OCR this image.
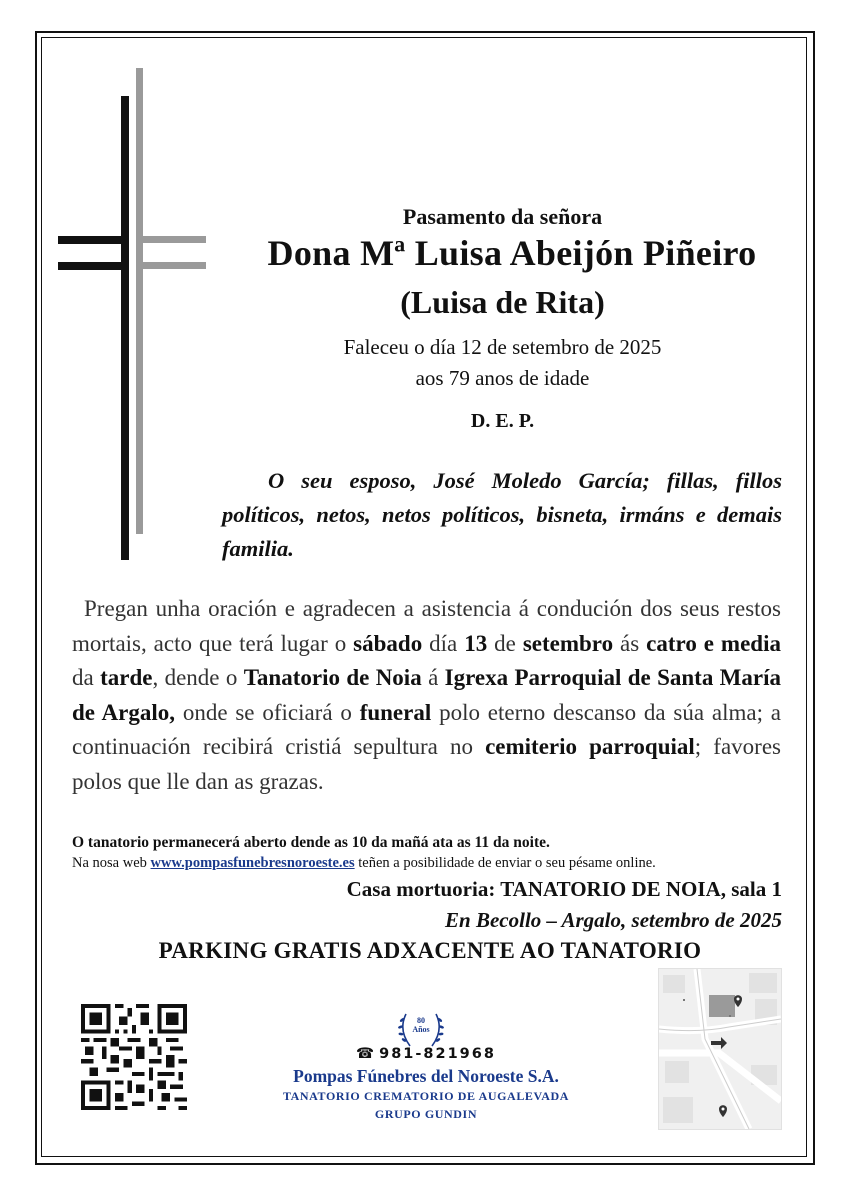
Pasamento da señora
Dona Mª Luisa Abeijón Piñeiro
(Luisa de Rita)
Faleceu o día 12 de setembro de 2025
aos 79 anos de idade
D. E. P.
O seu esposo, José Moledo García; fillas, fillos políticos, netos, netos políticos, bisneta, irmáns e demais familia.
Pregan unha oración e agradecen a asistencia á condución dos seus restos mortais, acto que terá lugar o sábado día 13 de setembro ás catro e media da tarde, dende o Tanatorio de Noia á Igrexa Parroquial de Santa María de Argalo, onde se oficiará o funeral polo eterno descanso da súa alma; a continuación recibirá cristiá sepultura no cemiterio parroquial; favores polos que lle dan as grazas.
O tanatorio permanecerá aberto dende as 10 da mañá ata as 11 da noite.
Na nosa web www.pompasfunebresnoroeste.es teñen a posibilidade de enviar o seu pésame online.
Casa mortuoria: TANATORIO DE NOIA, sala 1
En Becollo – Argalo, setembro de 2025
PARKING GRATIS ADXACENTE AO TANATORIO
80
Años
☎ 981-821968
Pompas Fúnebres del Noroeste S.A.
TANATORIO CREMATORIO DE AUGALEVADA
GRUPO GUNDIN
